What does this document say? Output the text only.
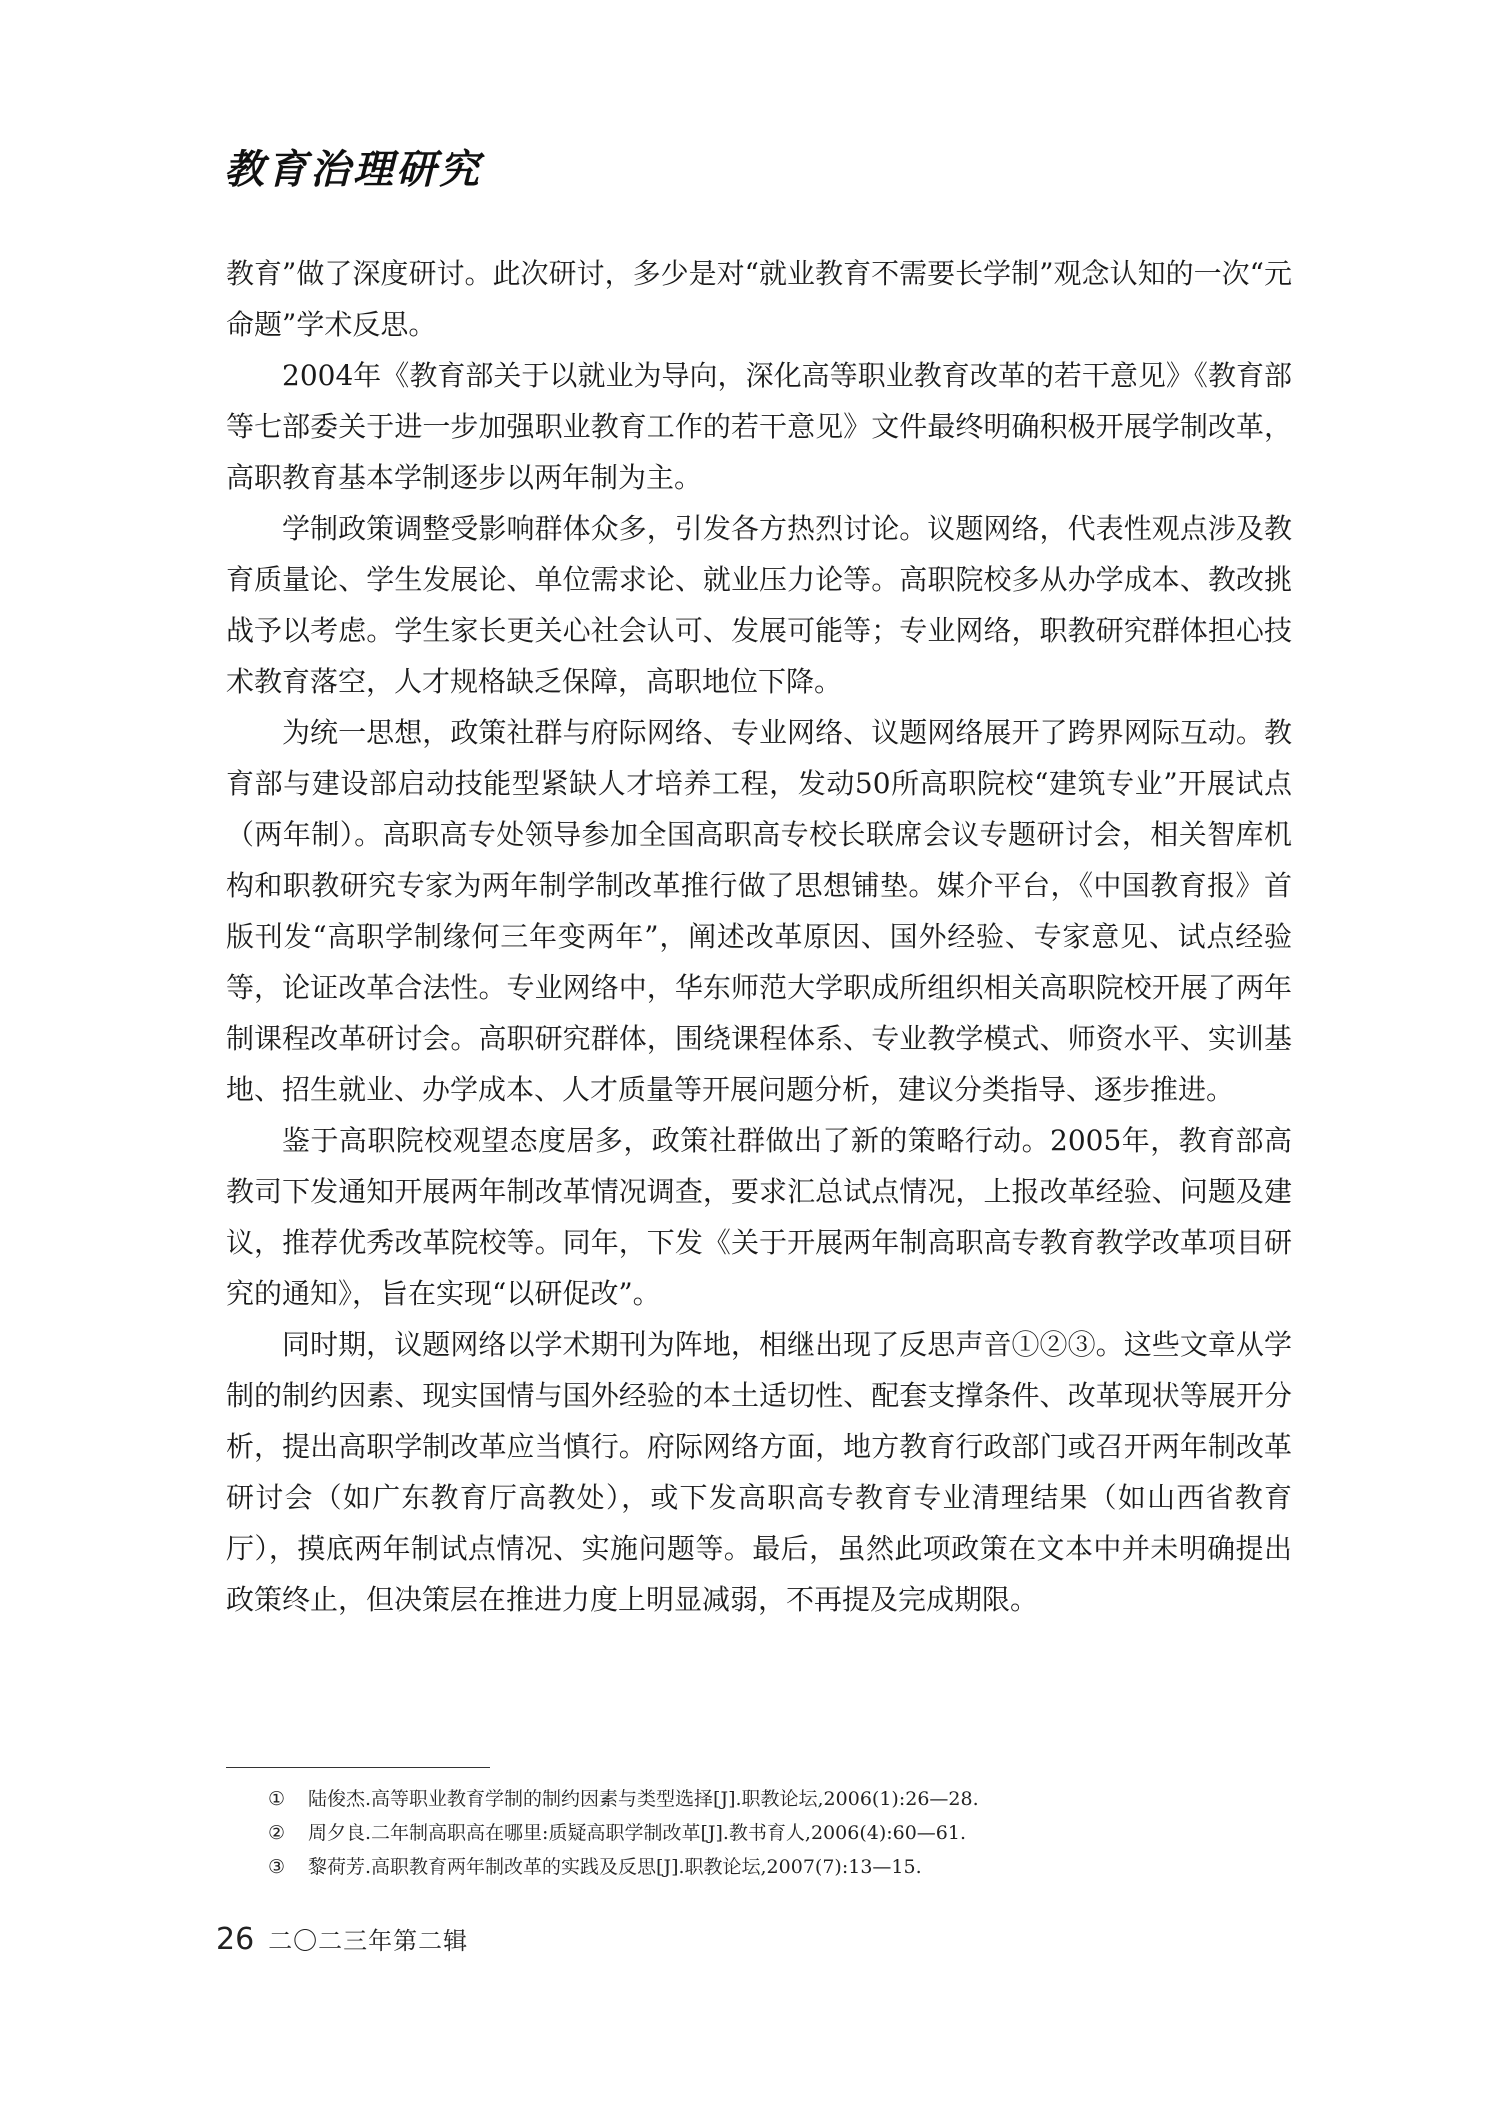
教育治理研究

教育”做了深度研讨。此次研讨，多少是对“就业教育不需要长学制”观念认知的一次“元命题”学术反思。

2004年《教育部关于以就业为导向，深化高等职业教育改革的若干意见》《教育部等七部委关于进一步加强职业教育工作的若干意见》文件最终明确积极开展学制改革，高职教育基本学制逐步以两年制为主。

学制政策调整受影响群体众多，引发各方热烈讨论。议题网络，代表性观点涉及教育质量论、学生发展论、单位需求论、就业压力论等。高职院校多从办学成本、教改挑战予以考虑。学生家长更关心社会认可、发展可能等；专业网络，职教研究群体担心技术教育落空，人才规格缺乏保障，高职地位下降。

为统一思想，政策社群与府际网络、专业网络、议题网络展开了跨界网际互动。教育部与建设部启动技能型紧缺人才培养工程，发动50所高职院校“建筑专业”开展试点（两年制）。高职高专处领导参加全国高职高专校长联席会议专题研讨会，相关智库机构和职教研究专家为两年制学制改革推行做了思想铺垫。媒介平台，《中国教育报》首版刊发“高职学制缘何三年变两年”，阐述改革原因、国外经验、专家意见、试点经验等，论证改革合法性。专业网络中，华东师范大学职成所组织相关高职院校开展了两年制课程改革研讨会。高职研究群体，围绕课程体系、专业教学模式、师资水平、实训基地、招生就业、办学成本、人才质量等开展问题分析，建议分类指导、逐步推进。

鉴于高职院校观望态度居多，政策社群做出了新的策略行动。2005年，教育部高教司下发通知开展两年制改革情况调查，要求汇总试点情况，上报改革经验、问题及建议，推荐优秀改革院校等。同年，下发《关于开展两年制高职高专教育教学改革项目研究的通知》，旨在实现“以研促改”。

同时期，议题网络以学术期刊为阵地，相继出现了反思声音①②③。这些文章从学制的制约因素、现实国情与国外经验的本土适切性、配套支撑条件、改革现状等展开分析，提出高职学制改革应当慎行。府际网络方面，地方教育行政部门或召开两年制改革研讨会（如广东教育厅高教处），或下发高职高专教育专业清理结果（如山西省教育厅），摸底两年制试点情况、实施问题等。最后，虽然此项政策在文本中并未明确提出政策终止，但决策层在推进力度上明显减弱，不再提及完成期限。

① 陆俊杰.高等职业教育学制的制约因素与类型选择[J].职教论坛,2006(1):26—28.
② 周夕良.二年制高职高在哪里:质疑高职学制改革[J].教书育人,2006(4):60—61.
③ 黎荷芳.高职教育两年制改革的实践及反思[J].职教论坛,2007(7):13—15.
26 二〇二三年第二辑
